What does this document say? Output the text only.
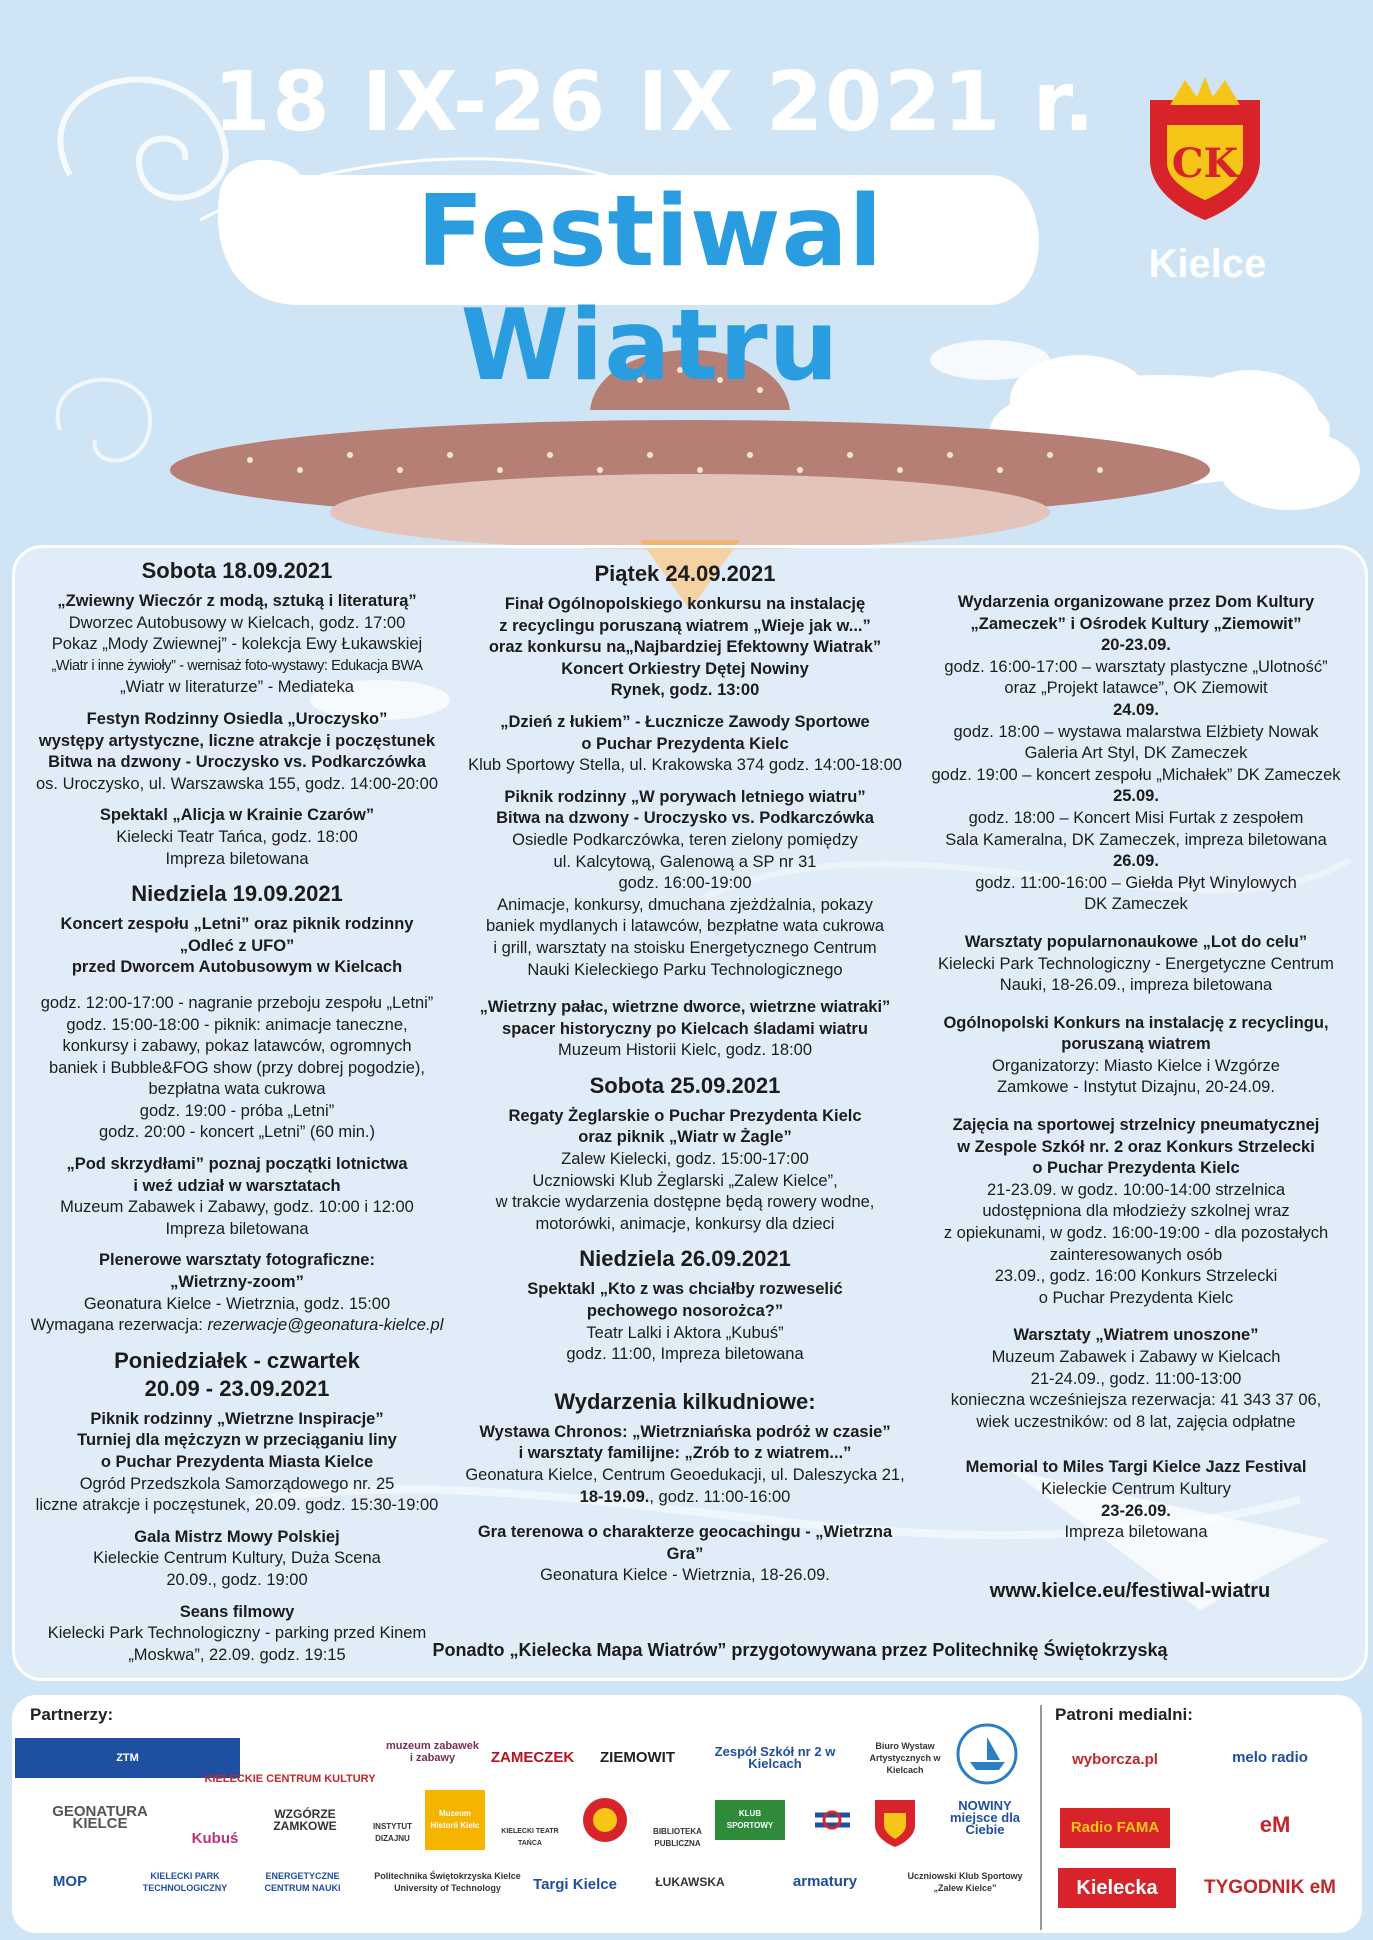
18 IX-26 IX 2021 r.
Festiwal Wiatru
CK
Kielce
Sobota 18.09.2021

„Zwiewny Wieczór z modą, sztuką i literaturą”
Dworzec Autobusowy w Kielcach, godz. 17:00
Pokaz „Mody Zwiewnej” - kolekcja Ewy Łukawskiej
„Wiatr i inne żywioły” - wernisaż foto-wystawy: Edukacja BWA
„Wiatr w literaturze” - Mediateka

Festyn Rodzinny Osiedla „Uroczysko”
występy artystyczne, liczne atrakcje i poczęstunek
Bitwa na dzwony - Uroczysko vs. Podkarczówka
os. Uroczysko, ul. Warszawska 155, godz. 14:00-20:00

Spektakl „Alicja w Krainie Czarów”
Kielecki Teatr Tańca, godz. 18:00
Impreza biletowana

Niedziela 19.09.2021

Koncert zespołu „Letni” oraz piknik rodzinny
„Odleć z UFO”
przed Dworcem Autobusowym w Kielcach

godz. 12:00-17:00 - nagranie przeboju zespołu „Letni”
godz. 15:00-18:00 - piknik: animacje taneczne,
konkursy i zabawy, pokaz latawców, ogromnych
baniek i Bubble&FOG show (przy dobrej pogodzie),
bezpłatna wata cukrowa
godz. 19:00 - próba „Letni”
godz. 20:00 - koncert „Letni” (60 min.)

„Pod skrzydłami” poznaj początki lotnictwa
i weź udział w warsztatach
Muzeum Zabawek i Zabawy, godz. 10:00 i 12:00
Impreza biletowana

Plenerowe warsztaty fotograficzne:
„Wietrzny-zoom”
Geonatura Kielce - Wietrznia, godz. 15:00
Wymagana rezerwacja: rezerwacje@geonatura-kielce.pl

Poniedziałek - czwartek
20.09 - 23.09.2021

Piknik rodzinny „Wietrzne Inspiracje”
Turniej dla mężczyzn w przeciąganiu liny
o Puchar Prezydenta Miasta Kielce
Ogród Przedszkola Samorządowego nr. 25
liczne atrakcje i poczęstunek, 20.09. godz. 15:30-19:00

Gala Mistrz Mowy Polskiej
Kieleckie Centrum Kultury, Duża Scena
20.09., godz. 19:00

Seans filmowy
Kielecki Park Technologiczny - parking przed Kinem
„Moskwa”, 22.09. godz. 19:15

Piątek 24.09.2021

Finał Ogólnopolskiego konkursu na instalację
z recyclingu poruszaną wiatrem „Wieje jak w...”
oraz konkursu na„Najbardziej Efektowny Wiatrak”
Koncert Orkiestry Dętej Nowiny
Rynek, godz. 13:00

„Dzień z łukiem” - Łucznicze Zawody Sportowe
o Puchar Prezydenta Kielc
Klub Sportowy Stella, ul. Krakowska 374 godz. 14:00-18:00

Piknik rodzinny „W porywach letniego wiatru”
Bitwa na dzwony - Uroczysko vs. Podkarczówka
Osiedle Podkarczówka, teren zielony pomiędzy
ul. Kalcytową, Galenową a SP nr 31
godz. 16:00-19:00
Animacje, konkursy, dmuchana zjeżdżalnia, pokazy
baniek mydlanych i latawców, bezpłatne wata cukrowa
i grill, warsztaty na stoisku Energetycznego Centrum
Nauki Kieleckiego Parku Technologicznego

„Wietrzny pałac, wietrzne dworce, wietrzne wiatraki”
spacer historyczny po Kielcach śladami wiatru
Muzeum Historii Kielc, godz. 18:00

Sobota 25.09.2021

Regaty Żeglarskie o Puchar Prezydenta Kielc
oraz piknik „Wiatr w Żagle”
Zalew Kielecki, godz. 15:00-17:00
Uczniowski Klub Żeglarski „Zalew Kielce”,
w trakcie wydarzenia dostępne będą rowery wodne,
motorówki, animacje, konkursy dla dzieci

Niedziela 26.09.2021

Spektakl „Kto z was chciałby rozweselić
pechowego nosorożca?”
Teatr Lalki i Aktora „Kubuś”
godz. 11:00, Impreza biletowana

Wydarzenia kilkudniowe:

Wystawa Chronos: „Wietrzniańska podróż w czasie”
i warsztaty familijne: „Zrób to z wiatrem...”
Geonatura Kielce, Centrum Geoedukacji, ul. Daleszycka 21,
18-19.09., godz. 11:00-16:00

Gra terenowa o charakterze geocachingu - „Wietrzna Gra”
Geonatura Kielce - Wietrznia, 18-26.09.

Wydarzenia organizowane przez Dom Kultury
„Zameczek” i Ośrodek Kultury „Ziemowit”
20-23.09.
godz. 16:00-17:00 – warsztaty plastyczne „Ulotność”
oraz „Projekt latawce”, OK Ziemowit
24.09.
godz. 18:00 – wystawa malarstwa Elżbiety Nowak
Galeria Art Styl, DK Zameczek
godz. 19:00 – koncert zespołu „Michałek” DK Zameczek
25.09.
godz. 18:00 – Koncert Misi Furtak z zespołem
Sala Kameralna, DK Zameczek, impreza biletowana
26.09.
godz. 11:00-16:00 – Giełda Płyt Winylowych
DK Zameczek

Warsztaty popularnonaukowe „Lot do celu”
Kielecki Park Technologiczny - Energetyczne Centrum
Nauki, 18-26.09., impreza biletowana

Ogólnopolski Konkurs na instalację z recyclingu,
poruszaną wiatrem
Organizatorzy: Miasto Kielce i Wzgórze
Zamkowe - Instytut Dizajnu, 20-24.09.

Zajęcia na sportowej strzelnicy pneumatycznej
w Zespole Szkół nr. 2 oraz Konkurs Strzelecki
o Puchar Prezydenta Kielc
21-23.09. w godz. 10:00-14:00 strzelnica
udostępniona dla młodzieży szkolnej wraz
z opiekunami, w godz. 16:00-19:00 - dla pozostałych
zainteresowanych osób
23.09., godz. 16:00 Konkurs Strzelecki
o Puchar Prezydenta Kielc

Warsztaty „Wiatrem unoszone”
Muzeum Zabawek i Zabawy w Kielcach
21-24.09., godz. 11:00-13:00
konieczna wcześniejsza rezerwacja: 41 343 37 06,
wiek uczestników: od 8 lat, zajęcia odpłatne

Memorial to Miles Targi Kielce Jazz Festival
Kieleckie Centrum Kultury
23-26.09.
Impreza biletowana

www.kielce.eu/festiwal-wiatru
Ponadto „Kielecka Mapa Wiatrów” przygotowywana przez Politechnikę Świętokrzyską
Partnerzy:	Patroni medialni:
ZTM
KIELECKIE CENTRUM KULTURY
muzeum zabawek i zabawy	ZAMECZEK	ZIEMOWIT	Zespół Szkół nr 2 w Kielcach
Biuro Wystaw Artystycznych w Kielcach
GEONATURA KIELCE
Kubuś
WZGÓRZE ZAMKOWE	INSTYTUT DIZAJNU
Muzeum Historii Kielc
KIELECKI TEATR TAŃCA
BIBLIOTEKA PUBLICZNA
KLUB SPORTOWY
NOWINY miejsce dla Ciebie
MOP	KIELECKI PARK TECHNOLOGICZNY
ENERGETYCZNE CENTRUM NAUKI
Politechnika Świętokrzyska Kielce University of Technology	Targi Kielce	ŁUKAWSKA	armatury	Uczniowski Klub Sportowy „Zalew Kielce”
wyborcza.pl	melo radio
Radio FAMA	eM
Kielecka	TYGODNIK eM
